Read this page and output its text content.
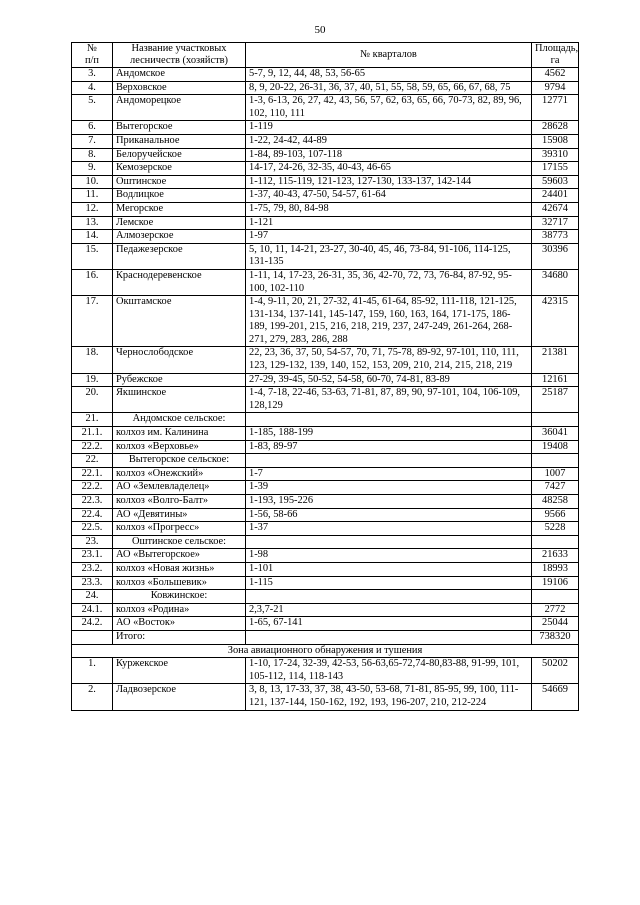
50
№
п/п	Название участковых лесничеств (хозяйств)	№ кварталов	Площадь, га
3.	Андомское	5-7, 9, 12, 44, 48, 53, 56-65	4562
4.	Верховское	8, 9, 20-22, 26-31, 36, 37, 40, 51, 55, 58, 59, 65, 66, 67, 68, 75	9794
5.	Андоморецкое	1-3, 6-13, 26, 27, 42, 43, 56, 57, 62, 63, 65, 66, 70-73, 82, 89, 96, 102, 110, 111	12771
6.	Вытегорское	1-119	28628
7.	Приканальное	1-22, 24-42, 44-89	15908
8.	Белоручейское	1-84, 89-103, 107-118	39310
9.	Кемозерское	14-17, 24-26, 32-35, 40-43, 46-65	17155
10.	Оштинское	1-112, 115-119, 121-123, 127-130, 133-137, 142-144	59603
11.	Водлицкое	1-37, 40-43, 47-50, 54-57, 61-64	24401
12.	Мегорское	1-75, 79, 80, 84-98	42674
13.	Лемское	1-121	32717
14.	Алмозерское	1-97	38773
15.	Педажезерское	5, 10, 11, 14-21, 23-27, 30-40, 45, 46, 73-84, 91-106, 114-125, 131-135	30396
16.	Краснодеревенское	1-11, 14, 17-23, 26-31, 35, 36, 42-70, 72, 73, 76-84, 87-92, 95-100, 102-110	34680
17.	Окштамское	1-4, 9-11, 20, 21, 27-32, 41-45, 61-64, 85-92, 111-118, 121-125, 131-134, 137-141, 145-147, 159, 160, 163, 164, 171-175, 186-189, 199-201, 215, 216, 218, 219, 237, 247-249, 261-264, 268-271, 279, 283, 286, 288	42315
18.	Чернослободское	22, 23, 36, 37, 50, 54-57, 70, 71, 75-78, 89-92, 97-101, 110, 111, 123, 129-132, 139, 140, 152, 153, 209, 210, 214, 215, 218, 219	21381
19.	Рубежское	27-29, 39-45, 50-52, 54-58, 60-70, 74-81, 83-89	12161
20.	Якшинское	1-4, 7-18, 22-46, 53-63, 71-81, 87, 89, 90, 97-101, 104, 106-109, 128,129	25187
21.	Андомское сельское:		
21.1.	колхоз им. Калинина	1-185, 188-199	36041
22.2.	колхоз «Верховье»	1-83, 89-97	19408
22.	Вытегорское сельское:		
22.1.	колхоз «Онежский»	1-7	1007
22.2.	АО «Землевладелец»	1-39	7427
22.3.	колхоз «Волго-Балт»	1-193, 195-226	48258
22.4.	АО «Девятины»	1-56, 58-66	9566
22.5.	колхоз «Прогресс»	1-37	5228
23.	Оштинское сельское:		
23.1.	АО «Вытегорское»	1-98	21633
23.2.	колхоз «Новая жизнь»	1-101	18993
23.3.	колхоз «Большевик»	1-115	19106
24.	Ковжинское:		
24.1.	колхоз «Родина»	2,3,7-21	2772
24.2.	АО «Восток»	1-65, 67-141	25044
	Итого:		738320
Зона авиационного обнаружения и тушения			
1.	Куржекское	1-10, 17-24, 32-39, 42-53, 56-63,65-72,74-80,83-88, 91-99, 101, 105-112, 114, 118-143	50202
2.	Ладвозерское	3, 8, 13, 17-33, 37, 38, 43-50, 53-68, 71-81, 85-95, 99, 100, 111-121, 137-144, 150-162, 192, 193, 196-207, 210, 212-224	54669
